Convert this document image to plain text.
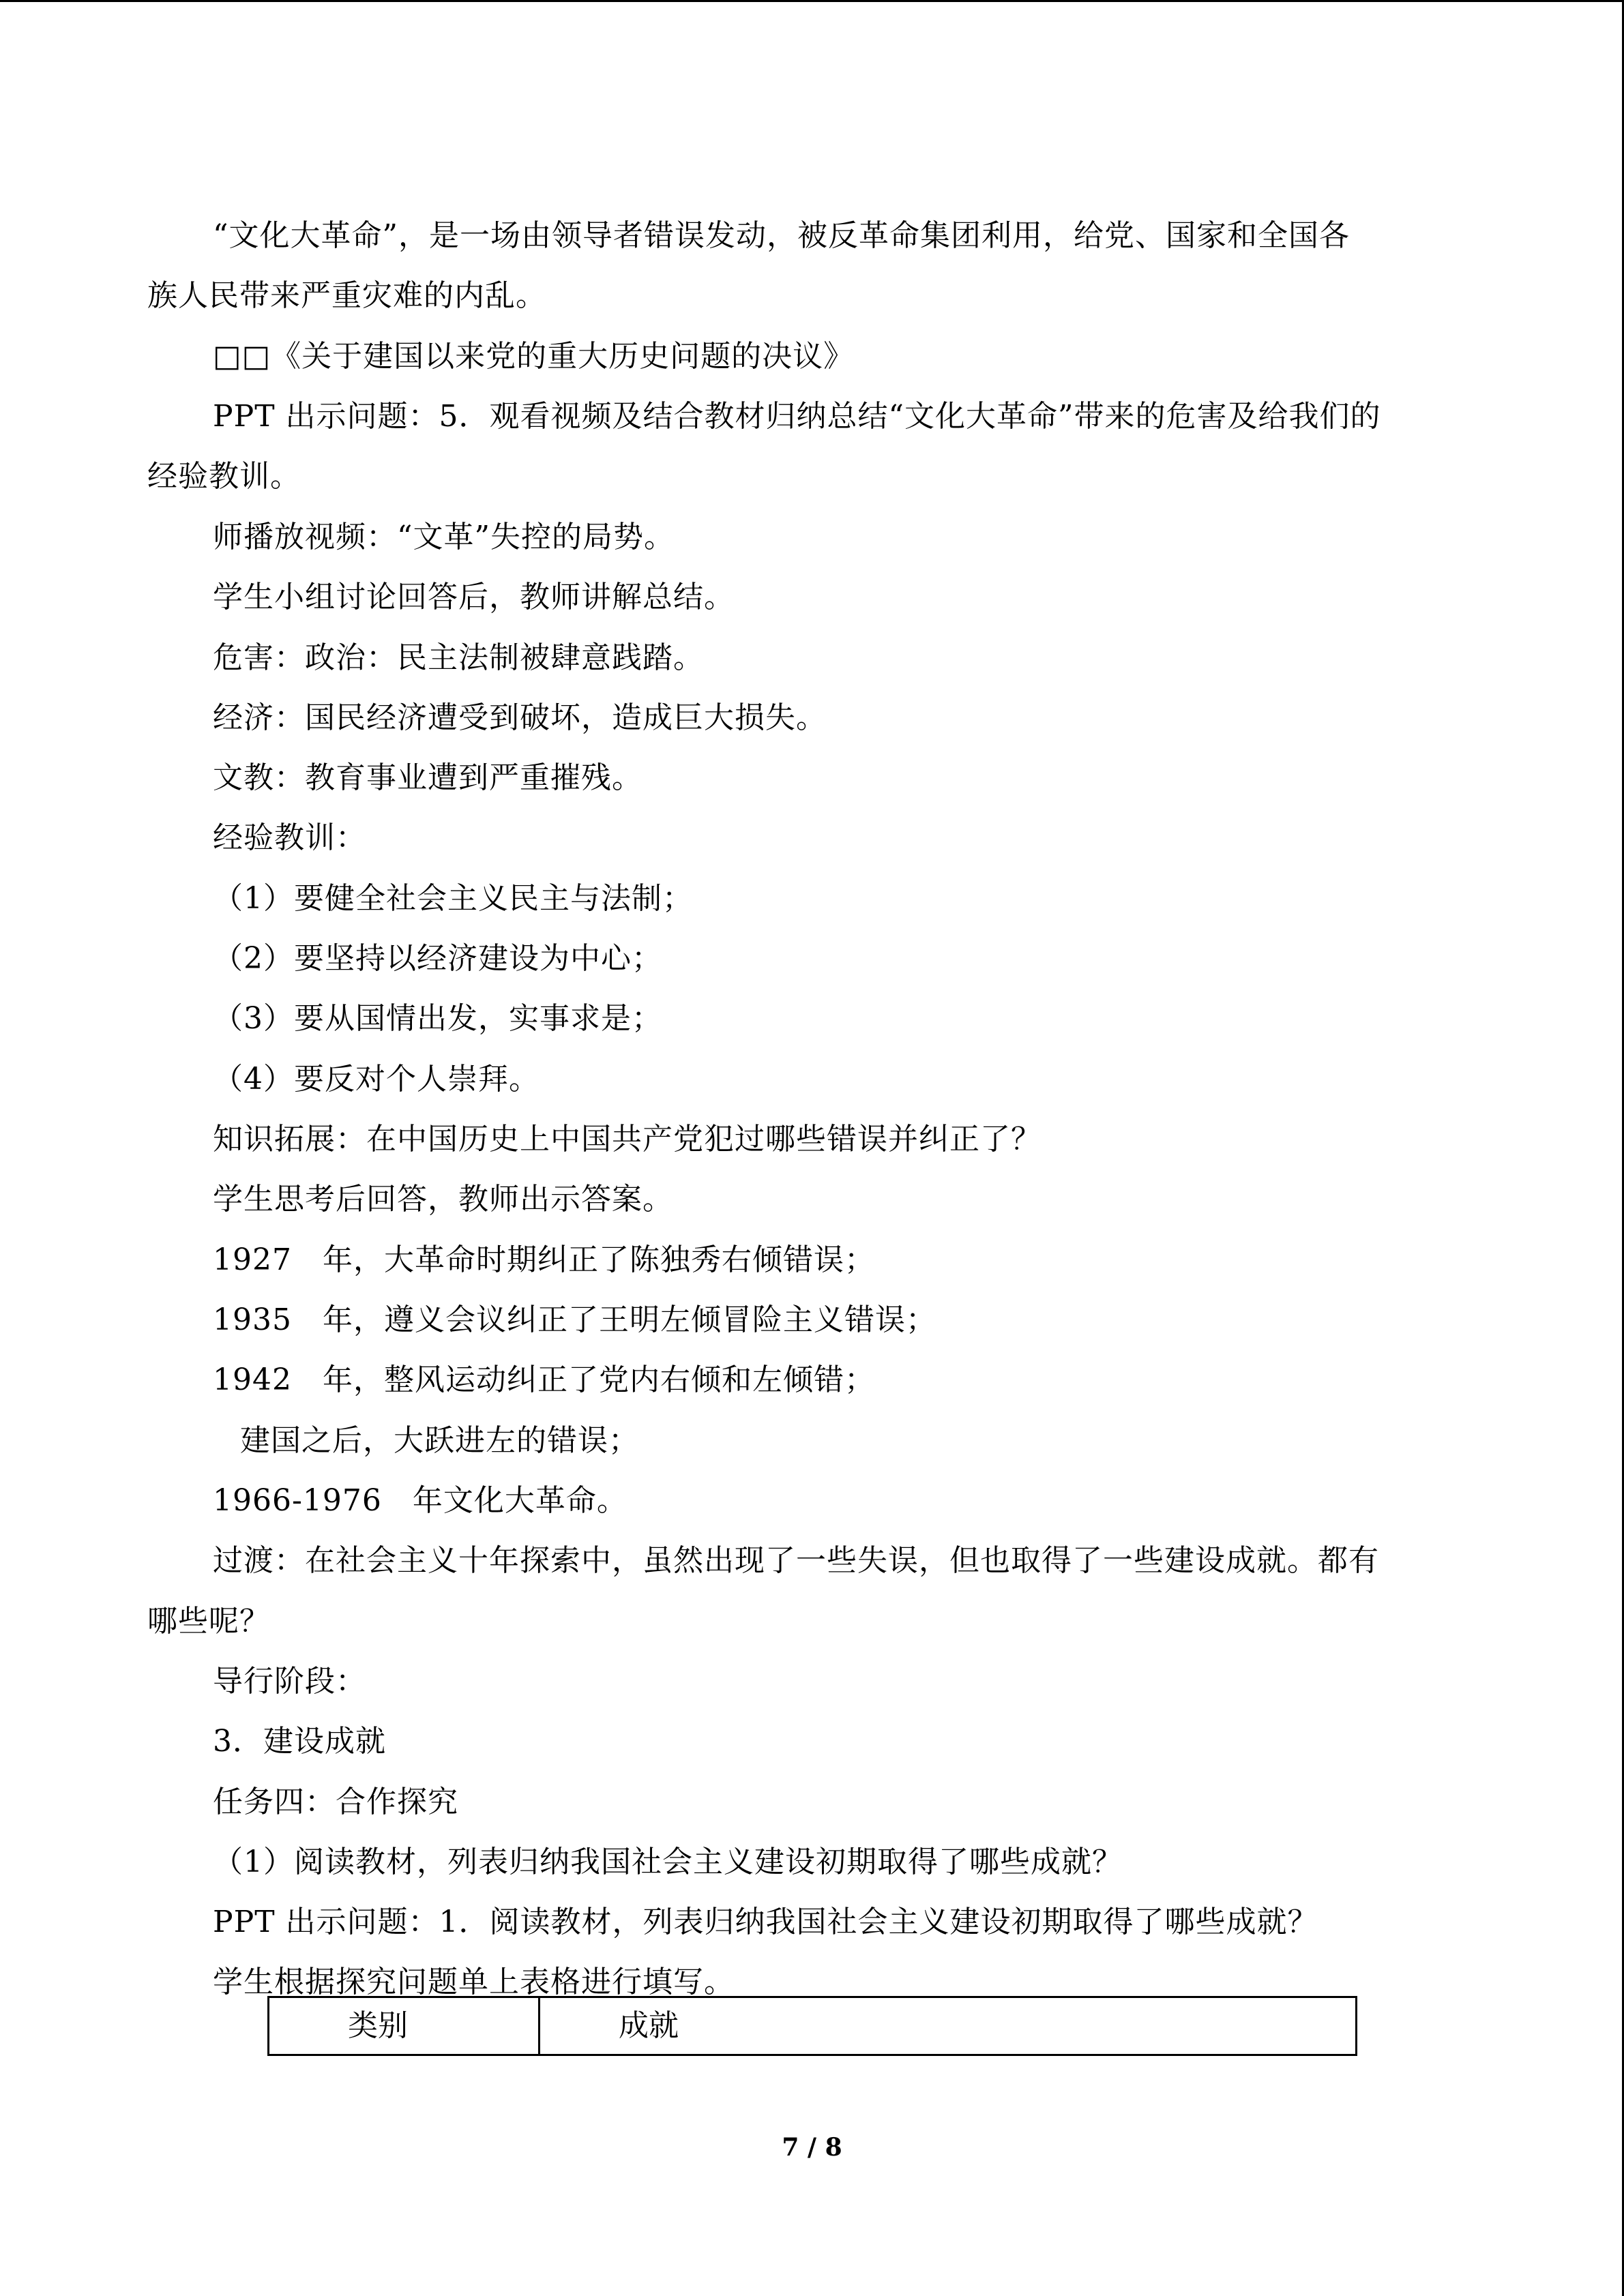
“文化大革命”，是一场由领导者错误发动，被反革命集团利用，给党、国家和全国各
族人民带来严重灾难的内乱。
□□《关于建国以来党的重大历史问题的决议》
PPT 出示问题：5．观看视频及结合教材归纳总结“文化大革命”带来的危害及给我们的
经验教训。
师播放视频：“文革”失控的局势。
学生小组讨论回答后，教师讲解总结。
危害：政治：民主法制被肆意践踏。
经济：国民经济遭受到破坏，造成巨大损失。
文教：教育事业遭到严重摧残。
经验教训：
（1）要健全社会主义民主与法制；
（2）要坚持以经济建设为中心；
（3）要从国情出发，实事求是；
（4）要反对个人崇拜。
知识拓展：在中国历史上中国共产党犯过哪些错误并纠正了？
学生思考后回答，教师出示答案。
1927　年，大革命时期纠正了陈独秀右倾错误；
1935　年，遵义会议纠正了王明左倾冒险主义错误；
1942　年，整风运动纠正了党内右倾和左倾错；
建国之后，大跃进左的错误；
1966-1976　年文化大革命。
过渡：在社会主义十年探索中，虽然出现了一些失误，但也取得了一些建设成就。都有
哪些呢？
导行阶段：
3．建设成就
任务四：合作探究
（1）阅读教材，列表归纳我国社会主义建设初期取得了哪些成就？
PPT 出示问题：1．阅读教材，列表归纳我国社会主义建设初期取得了哪些成就？
学生根据探究问题单上表格进行填写。
类别	成就
7 / 8
